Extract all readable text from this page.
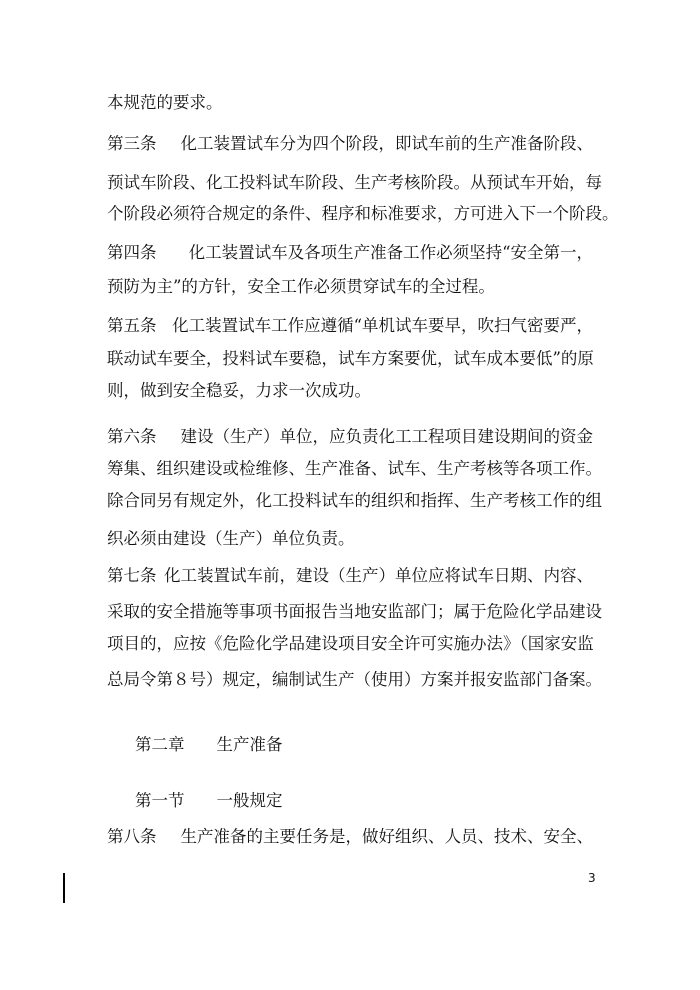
本规范的要求。
第三条	化工装置试车分为四个阶段，即试车前的生产准备阶段、
预试车阶段、化工投料试车阶段、生产考核阶段。从预试车开始，每
个阶段必须符合规定的条件、程序和标准要求，方可进入下一个阶段。
第四条	化工装置试车及各项生产准备工作必须坚持“安全第一，
预防为主”的方针，安全工作必须贯穿试车的全过程。
第五条 化工装置试车工作应遵循“单机试车要早，吹扫气密要严，
联动试车要全，投料试车要稳，试车方案要优，试车成本要低”的原
则，做到安全稳妥，力求一次成功。
第六条	建设（生产）单位，应负责化工工程项目建设期间的资金
筹集、组织建设或检维修、生产准备、试车、生产考核等各项工作。
除合同另有规定外，化工投料试车的组织和指挥、生产考核工作的组
织必须由建设（生产）单位负责。
第七条 化工装置试车前，建设（生产）单位应将试车日期、内容、
采取的安全措施等事项书面报告当地安监部门；属于危险化学品建设
项目的，应按《危险化学品建设项目安全许可实施办法》（国家安监
总局令第８号）规定，编制试生产（使用）方案并报安监部门备案。
第二章 生产准备
第一节 一般规定
第八条	生产准备的主要任务是，做好组织、人员、技术、安全、
3
